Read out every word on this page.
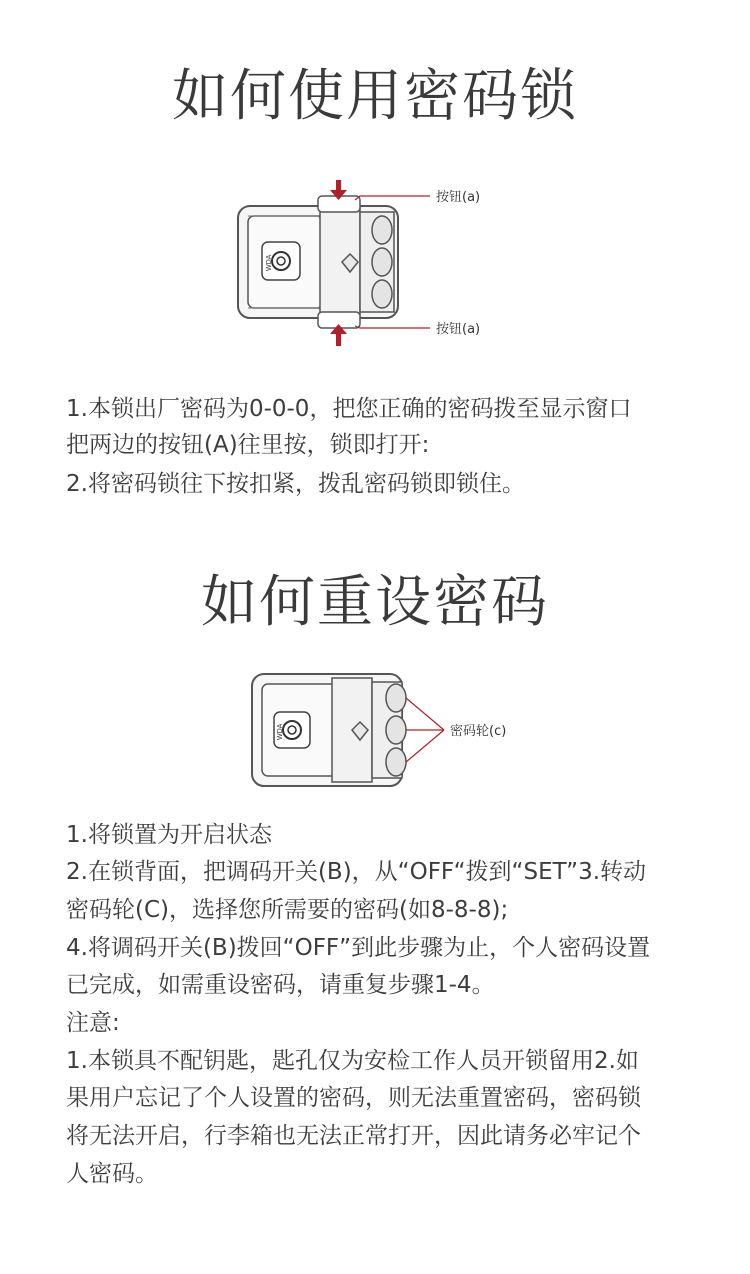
如何使用密码锁
WDA
按钮(a)
按钮(a)

1.本锁出厂密码为0-0-0，把您正确的密码拨至显示窗口

把两边的按钮(A)往里按，锁即打开:

2.将密码锁往下按扣紧，拨乱密码锁即锁住。

如何重设密码
WDA	密码轮(c)

1.将锁置为开启状态

2.在锁背面，把调码开关(B)，从“OFF“拨到“SET”3.转动

密码轮(C)，选择您所需要的密码(如8-8-8);

4.将调码开关(B)拨回“OFF”到此步骤为止，个人密码设置

已完成，如需重设密码，请重复步骤1-4。

注意:

1.本锁具不配钥匙，匙孔仅为安检工作人员开锁留用2.如

果用户忘记了个人设置的密码，则无法重置密码，密码锁

将无法开启，行李箱也无法正常打开，因此请务必牢记个

人密码。
